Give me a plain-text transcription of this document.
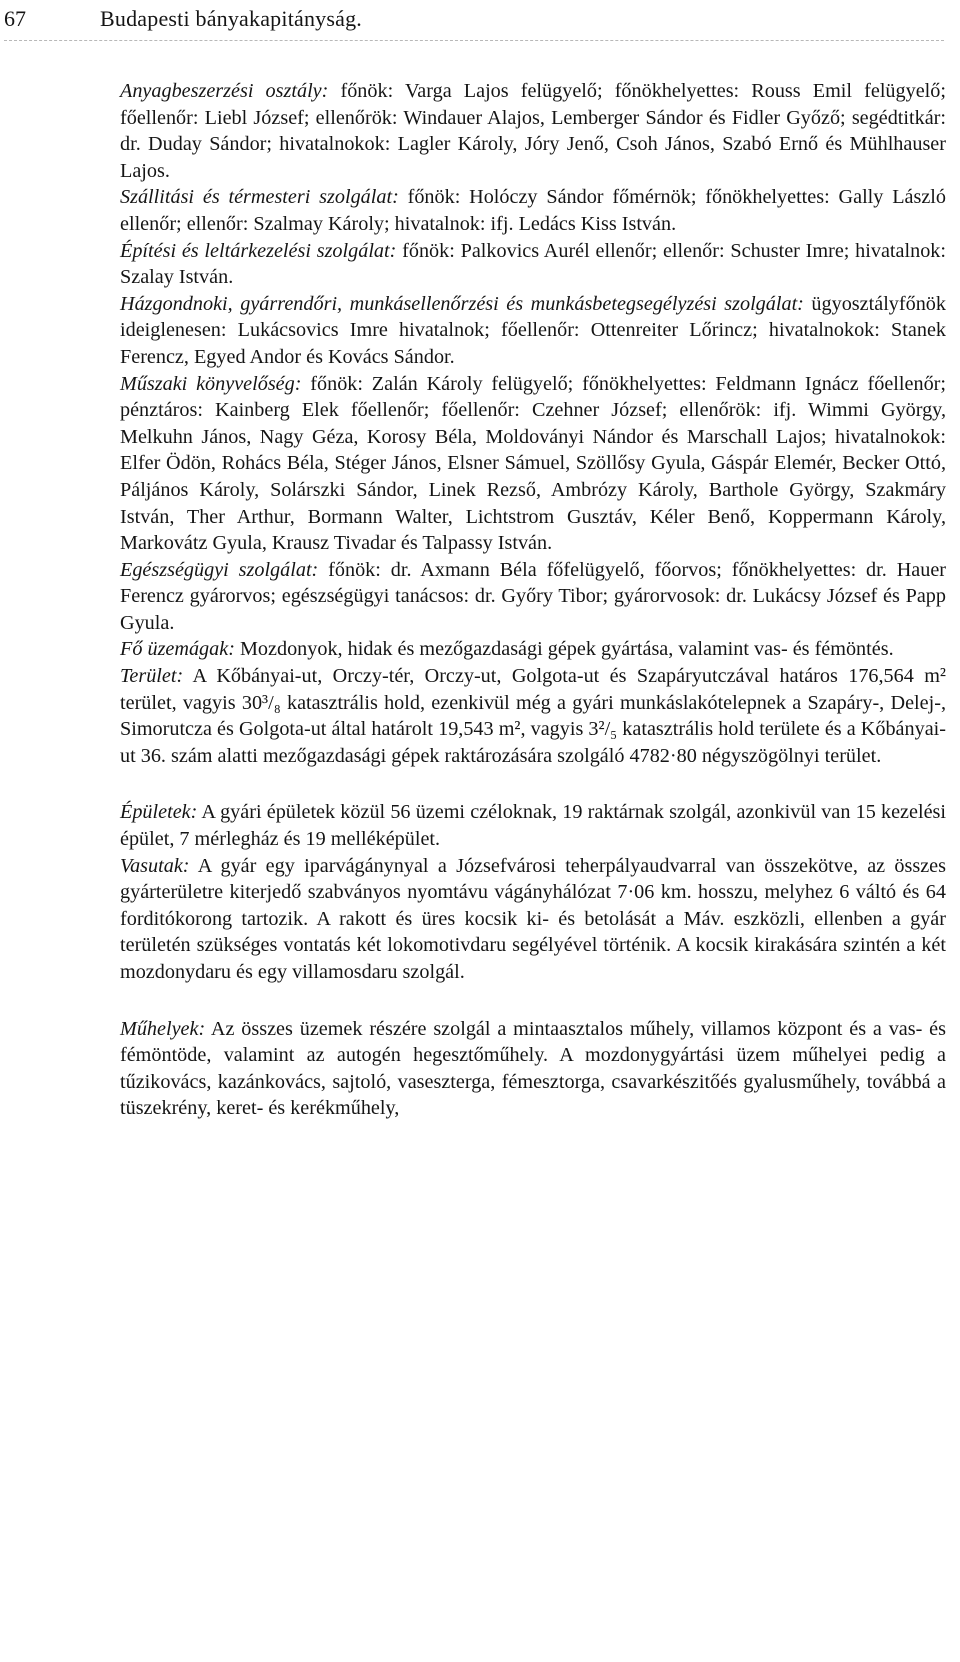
67	Budapesti bányakapitányság.

Anyagbeszerzési osztály: főnök: Varga Lajos felügyelő; főnökhelyettes: Rouss Emil felügyelő; főellenőr: Liebl József; ellenőrök: Windauer Alajos, Lemberger Sándor és Fidler Győző; segédtitkár: dr. Duday Sándor; hivatalnokok: Lagler Károly, Jóry Jenő, Csoh János, Szabó Ernő és Mühlhauser Lajos.

Szállitási és térmesteri szolgálat: főnök: Holóczy Sándor főmérnök; főnökhelyettes: Gally László ellenőr; ellenőr: Szalmay Károly; hivatalnok: ifj. Ledács Kiss István.

Építési és leltárkezelési szolgálat: főnök: Palkovics Aurél ellenőr; ellenőr: Schuster Imre; hivatalnok: Szalay István.

Házgondnoki, gyárrendőri, munkásellenőrzési és munkásbetegsegélyzési szolgálat: ügyosztályfőnök ideiglenesen: Lukácsovics Imre hivatalnok; főellenőr: Ottenreiter Lőrincz; hivatalnokok: Stanek Ferencz, Egyed Andor és Kovács Sándor.

Műszaki könyvelőség: főnök: Zalán Károly felügyelő; főnökhelyettes: Feldmann Ignácz főellenőr; pénztáros: Kainberg Elek főellenőr; főellenőr: Czehner József; ellenőrök: ifj. Wimmi György, Melkuhn János, Nagy Géza, Korosy Béla, Moldoványi Nándor és Marschall Lajos; hivatalnokok: Elfer Ödön, Rohács Béla, Stéger János, Elsner Sámuel, Szöllősy Gyula, Gáspár Elemér, Becker Ottó, Páljános Károly, Solárszki Sándor, Linek Rezső, Ambrózy Károly, Barthole György, Szakmáry István, Ther Arthur, Bormann Walter, Lichtstrom Gusztáv, Kéler Benő, Koppermann Károly, Markovátz Gyula, Krausz Tivadar és Talpassy István.

Egészségügyi szolgálat: főnök: dr. Axmann Béla főfelügyelő, főorvos; főnökhelyettes: dr. Hauer Ferencz gyárorvos; egészségügyi tanácsos: dr. Győry Tibor; gyárorvosok: dr. Lukácsy József és Papp Gyula.

Fő üzemágak: Mozdonyok, hidak és mezőgazdasági gépek gyártása, valamint vas- és fémöntés.

Terület: A Kőbányai-ut, Orczy-tér, Orczy-ut, Golgota-ut és Szapáryutczával határos 176,564 m² terület, vagyis 30³/₈ katasztrális hold, ezenkivül még a gyári munkáslakótelepnek a Szapáry-, Delej-, Simorutcza és Golgota-ut által határolt 19,543 m², vagyis 3²/₅ katasztrális hold területe és a Kőbányai-ut 36. szám alatti mezőgazdasági gépek raktározására szolgáló 4782·80 négyszögölnyi terület.

Épületek: A gyári épületek közül 56 üzemi czéloknak, 19 raktárnak szolgál, azonkivül van 15 kezelési épület, 7 mérlegház és 19 melléképület.

Vasutak: A gyár egy iparvágánynyal a Józsefvárosi teherpályaudvarral van összekötve, az összes gyárterületre kiterjedő szabványos nyomtávu vágányhálózat 7·06 km. hosszu, melyhez 6 váltó és 64 forditókorong tartozik. A rakott és üres kocsik ki- és betolását a Máv. eszközli, ellenben a gyár területén szükséges vontatás két lokomotivdaru segélyével történik. A kocsik kirakására szintén a két mozdonydaru és egy villamosdaru szolgál.

Műhelyek: Az összes üzemek részére szolgál a mintaasztalos műhely, villamos központ és a vas- és fémöntöde, valamint az autogén hegesztőműhely. A mozdonygyártási üzem műhelyei pedig a tűzikovács, kazánkovács, sajtoló, vaseszterga, fémesztorga, csavarkészitőés gyalusműhely, továbbá a tüszekrény, keret- és kerékműhely,
